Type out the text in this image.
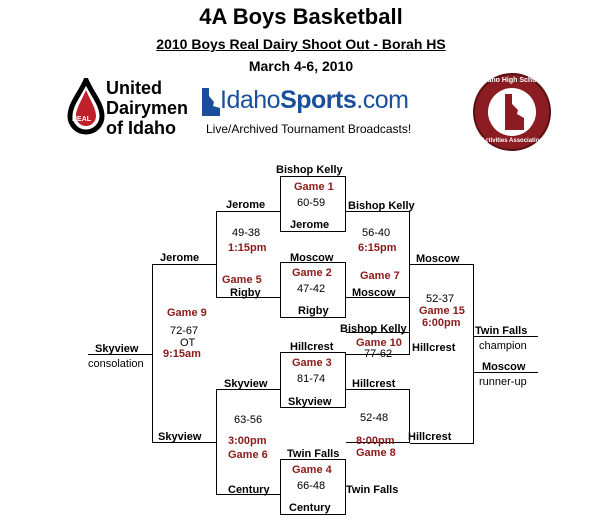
4A Boys Basketball
2010 Boys Real Dairy Shoot Out - Borah HS
March 4-6, 2010
REAL
United
Dairymen
of Idaho
IdahoSports.com
Live/Archived Tournament Broadcasts!
Idaho High School
Activities Association
Bishop Kelly
Game 1
60-59
Jerome
Moscow
Game 2
47-42
Rigby
Hillcrest
Game 3
81-74
Skyview
Twin Falls
Game 4
66-48
Century
Jerome
49-38
1:15pm
Game 5
Rigby
Skyview
63-56
3:00pm
Game 6
Century
Bishop Kelly
56-40
6:15pm
Game 7
Moscow
Hillcrest
52-48
8:00pm
Game 8
Twin Falls
Jerome
Game 9
72-67
OT
9:15am
Skyview
Bishop Kelly
Game 10
77-62 Hillcrest
Moscow
52-37
Game 15
6:00pm
Hillcrest
Skyview
consolation
Twin Falls
champion
Moscow
runner-up
